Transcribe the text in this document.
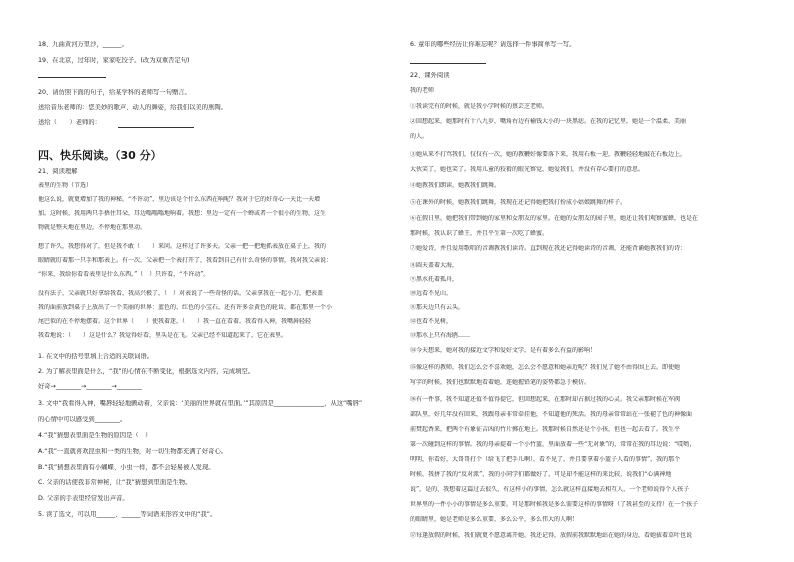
18、九曲黄河万里沙，______。
19、在北京，过年时，家家吃饺子。(改为双重否定句)
20、请仿照下面的句子，给某学科的老师写一句赠言。
送给音乐老师的：您美妙的歌声、动人的舞姿，给我们以美的熏陶。
送给（　　）老师的：
四、快乐阅读。（30 分）
21、阅读理解
表里的生物（节选）
他这么说，就更增加了我的神秘。“不许动”，里边该是个什么东西在响呢？我对于它的好奇心一天比一天增
加。这时候，我用两只手捂住耳朵，耳边嗡嗡嗡地响着。我想：里边一定有一个蝉或者一个很小的生物，这生
物就是整天地在里边，不停地在那里动。
想了许久，我想得对了，但是我不敢（　　）来问。这样过了许多天。父亲一把一把地抓表放在桌子上，我的
眼睛就盯着那一只手和那表上。有一次，父亲把一个表打开了，我看到自己有什么奇怪的事情，我对我父亲说：
“你来，我给你看看表里是什么东西。”（　）只许看，“不许动”。
没有法子，父亲就只好拿给我看，我高兴极了，（　）对表说了一些奇怪的话。父亲拿我在一起小刀，把表盖
我的面前放到桌子上放出了一个美丽的世界：蓝色的、红色的小宝石，还有许多金黄色的轮齿，都在那里一个小
尾巴似的在不停地摆着。这个世界（　　）使我着迷，（　　）我一直在看着。我看得入神，我嘴唇轻轻
我看地说：（　　）这是什么？我觉得好看，里头是在飞。父亲已经不知道起来了，它在表里。
1. 在文中的括号里填上合适的关联词语。
2. 为了解表里面是什么，“我”的心情在不断变化，根据选文内容，完成填空。
好奇→________→________→________
3. 文中“我看得入神，嘴唇轻轻地颤动着，父亲说：‘美丽的世界就在里面。’”其原因是________________，从这“嘴唇”
的心情中可以感受到________。
4.“我”猜想表里面是生物的原因是（　）
A.“我”一直就喜欢昆虫和一类的生物，对一切生物都充满了好奇心。
B.“我”猜想表里面有小蝴蝶、小虫一样，都不会轻易被人发现。
C. 父亲的话使我非常神秘，让“我”猜想到里面是生物。
D. 父亲的手表里经常发出声音。
5. 读了选文，可以用______、______等词语来形容文中的“我”。
6. 童年的哪些经历让你难忘呢？请选择一件事简单写一写。
22、课外阅读
我的老师
①我读完有的时候，就是我小学时候的蔡芸芝老师。
②回想起来，她那时有十八九岁，嘴角右边有榆钱大小的一块黑痣。在我的记忆里，她是一个温柔、美丽
的人。
③她从来不打骂我们，仅仅有一次，她的教鞭好像要落下来，我用石板一迎，教鞭轻轻地敲在石板边上，
大伙笑了，她也笑了。我用儿童的狡猾的眼光察觉，她爱我们，并没有存心要打的意思。
④她教我们朗读，她教我们跳舞。
⑤在课外的时候，她教我们跳舞，我现在还记得她把我打扮成小姑娘跳舞的样子。
⑥在假日里，她把我们带到她的家里和女朋友的家里。在她的女朋友的园子里，她还让我们观察蜜蜂，也是在
那时候，我认识了蜂王，并且平生第一次吃了蜂蜜。
⑦她爱诗，并且爱用歌唱的音调教我们读诗。直到现在我还记得她读诗的音调，还能背诵她教我们的诗：
⑧圆天盖着大海，
⑨黑水托着孤舟，
⑩远看不见山，
⑪那天边只有云头，
⑫也看不见树，
⑬那水上只有海鸥……
⑭今天想来，她对我的接近文学和爱好文学，是有着多么有益的影响！
⑮像这样的教师，我们怎么会不喜欢她，怎么会不愿意和她亲近呢？我们见了她不由得围上去。即使她
写字的时候，我们也默默地看着她，连她握铅笔的姿势都急于模仿。
⑯有一件事，我不知道还值不值得提它，但回想起来，在那时却占据过我的心灵。我父亲那时候在军阀
部队里，好几年没有回来，我跟母亲非常牵挂他，不知道他的死活。我的母亲常常站在一张褪了色的神像面
前焚起香来，把两个有象征吉凶的竹片掷在地上。我那时候自然还是个小孩，但也一起去看了。我生平
第一次碰到这样的事情。我的母亲提着一个小竹篮，里面放着一些“无对象”的，常常在我的耳边说：“哎哟，
明明，你看好，大哥哥打个（给飞了把手儿啊），看不见了，并且要拿着小篮子人看的事情”，我的那个
时候，我拼了我的“反对派”，我的小同学们都做好了，可是却不能这样的来比较，说我们“心满神地
说”，是的，我想着这篇过去很久，有这样小的事情，怎么就这样直接地去相互人，一个老师说得个人孩子
世界里的一件小小的事情是多么重要。可是那时候我是多么需要这样的事情呀（了我甚至的支持）在一个孩子
的眼睛里，她是老师是多么重要，多么公平，多么伟大的人啊！
⑰每逢放假的时候，我们就更不愿意离开她。我还记得，放假前我默默地站在她的身边，看她拔着草叶也说
